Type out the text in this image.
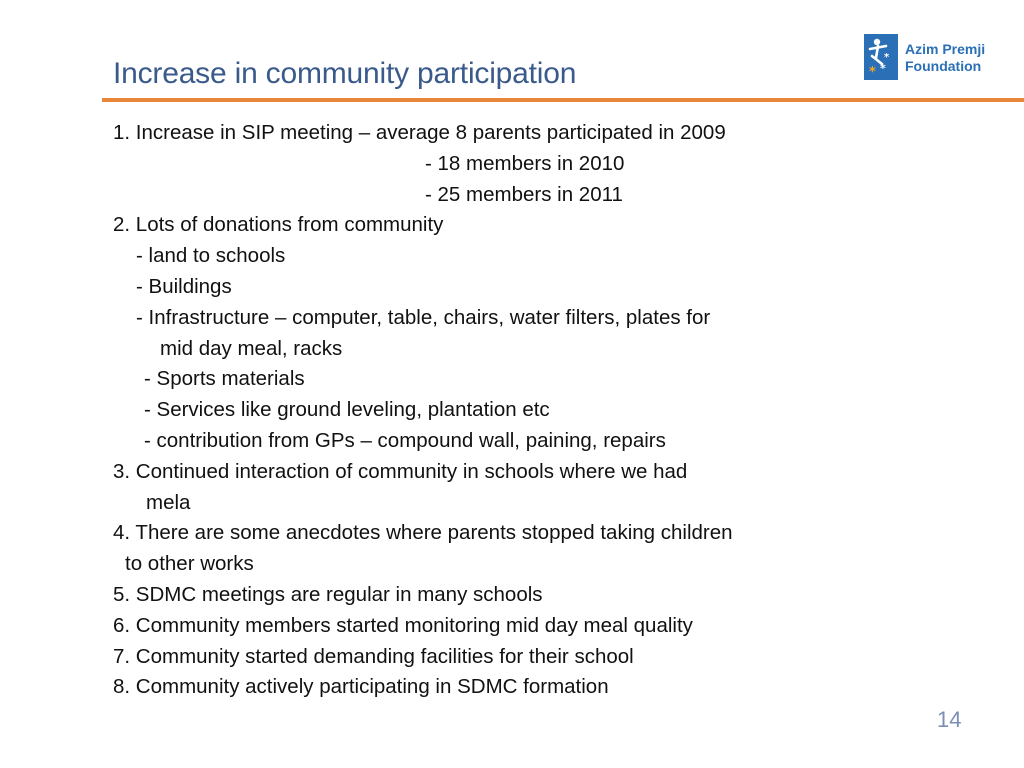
Increase in community participation	* *
*
Azim Premji
Foundation
1. Increase in SIP meeting – average 8 parents participated in 2009
- 18 members in 2010
- 25 members in 2011
2. Lots of donations from community
- land to schools
- Buildings
- Infrastructure – computer, table, chairs, water filters, plates for
mid day meal, racks
- Sports materials
- Services like ground leveling, plantation etc
- contribution from GPs – compound wall, paining, repairs
3. Continued interaction of community in schools where we had
mela
4. There are some anecdotes where parents stopped taking children
to other works
5. SDMC meetings are regular in many schools
6. Community members started monitoring mid day meal quality
7. Community started demanding facilities for their school
8. Community actively participating in SDMC formation
14
